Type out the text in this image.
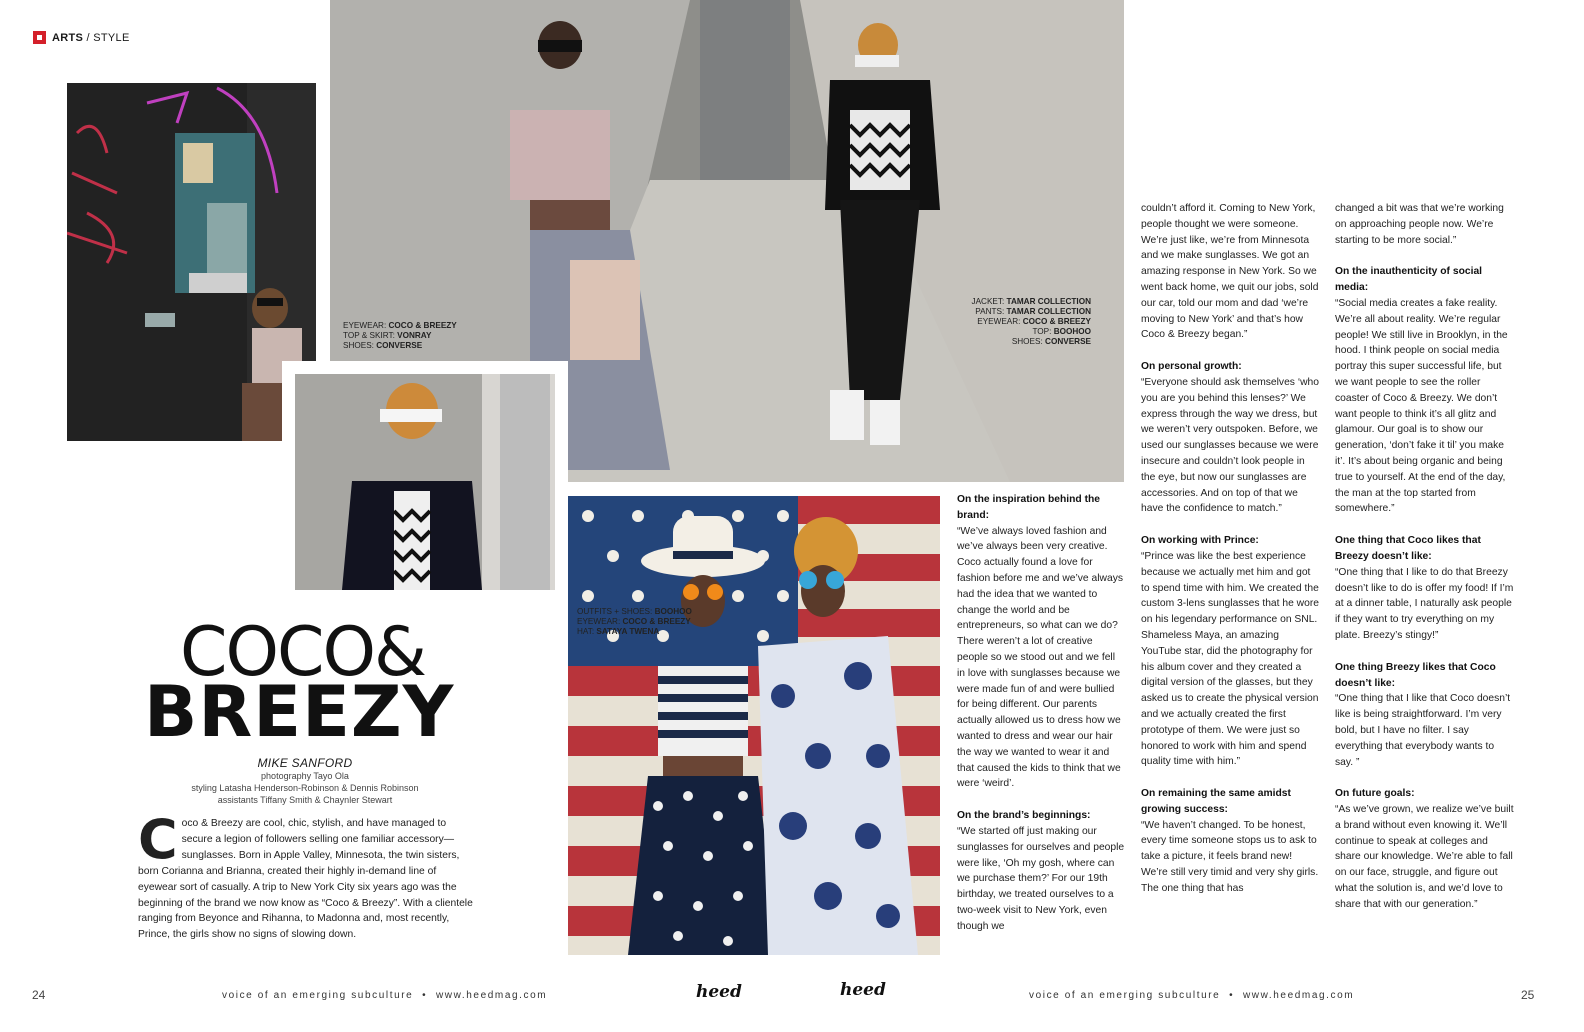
ARTS / STYLE
EYEWEAR: COCO & BREEZY
TOP & SKIRT: VONRAY
SHOES: CONVERSE
JACKET: TAMAR COLLECTION
PANTS: TAMAR COLLECTION
EYEWEAR: COCO & BREEZY
TOP: BOOHOO
SHOES: CONVERSE
OUTFITS + SHOES: BOOHOO
EYEWEAR: COCO & BREEZY
HAT: SATAYA TWENA
COCO&
BREEZY
MIKE SANFORD
photography Tayo Ola
styling Latasha Henderson-Robinson & Dennis Robinson
assistants Tiffany Smith & Chaynler Stewart
Coco & Breezy are cool, chic, stylish, and have managed to secure a legion of followers selling one familiar accessory—sunglasses. Born in Apple Valley, Minnesota, the twin sisters, born Corianna and Brianna, created their highly in-demand line of eyewear sort of casually. A trip to New York City six years ago was the beginning of the brand we now know as “Coco & Breezy”. With a clientele ranging from Beyonce and Rihanna, to Madonna and, most recently, Prince, the girls show no signs of slowing down.

On the inspiration behind the brand:
“We’ve always loved fashion and we’ve always been very creative. Coco actually found a love for fashion before me and we’ve always had the idea that we wanted to change the world and be entrepreneurs, so what can we do? There weren’t a lot of creative people so we stood out and we fell in love with sunglasses because we were made fun of and were bullied for being different. Our parents actually allowed us to dress how we wanted to dress and wear our hair the way we wanted to wear it and that caused the kids to think that we were ‘weird’.

On the brand’s beginnings:
“We started off just making our sunglasses for ourselves and people were like, ‘Oh my gosh, where can we purchase them?’ For our 19th birthday, we treated ourselves to a two-week visit to New York, even though we

couldn’t afford it. Coming to New York, people thought we were someone. We’re just like, we’re from Minnesota and we make sunglasses. We got an amazing response in New York. So we went back home, we quit our jobs, sold our car, told our mom and dad ‘we’re moving to New York’ and that’s how Coco & Breezy began.”

On personal growth:
“Everyone should ask themselves ‘who you are you behind this lenses?’ We express through the way we dress, but we weren’t very outspoken. Before, we used our sunglasses because we were insecure and couldn’t look people in the eye, but now our sunglasses are accessories. And on top of that we have the confidence to match.”

On working with Prince:
“Prince was like the best experience because we actually met him and got to spend time with him. We created the custom 3-lens sunglasses that he wore on his legendary performance on SNL. Shameless Maya, an amazing YouTube star, did the photography for his album cover and they created a digital version of the glasses, but they asked us to create the physical version and we actually created the first prototype of them. We were just so honored to work with him and spend quality time with him.”

On remaining the same amidst growing success:
“We haven’t changed. To be honest, every time someone stops us to ask to take a picture, it feels brand new! We’re still very timid and very shy girls. The one thing that has

changed a bit was that we’re working on approaching people now. We’re starting to be more social.”

On the inauthenticity of social media:
“Social media creates a fake reality. We’re all about reality. We’re regular people! We still live in Brooklyn, in the hood. I think people on social media portray this super successful life, but we want people to see the roller coaster of Coco & Breezy. We don’t want people to think it’s all glitz and glamour. Our goal is to show our generation, ‘don’t fake it til’ you make it’. It’s about being organic and being true to yourself. At the end of the day, the man at the top started from somewhere.”

One thing that Coco likes that Breezy doesn’t like:
“One thing that I like to do that Breezy doesn’t like to do is offer my food! If I’m at a dinner table, I naturally ask people if they want to try everything on my plate. Breezy’s stingy!”

One thing Breezy likes that Coco doesn’t like:
“One thing that I like that Coco doesn’t like is being straightforward. I’m very bold, but I have no filter. I say everything that everybody wants to say. ”

On future goals:
“As we’ve grown, we realize we’ve built a brand without even knowing it. We’ll continue to speak at colleges and share our knowledge. We’re able to fall on our face, struggle, and figure out what the solution is, and we’d love to share that with our generation.”

24	voice of an emerging subculture  •  www.heedmag.com	heed	heed	voice of an emerging subculture  •  www.heedmag.com	25
